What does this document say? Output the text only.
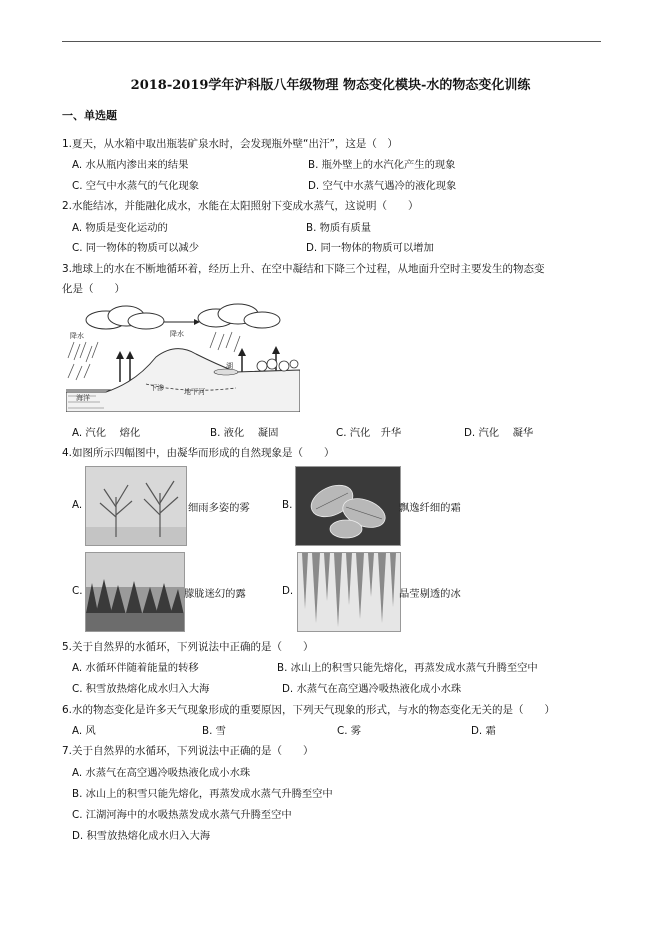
2018-2019学年沪科版八年级物理 物态变化模块-水的物态变化训练
一、单选题
1.夏天，从水箱中取出瓶装矿泉水时，会发现瓶外壁“出汗”，这是（　）
A. 水从瓶内渗出来的结果	B. 瓶外壁上的水汽化产生的现象
C. 空气中水蒸气的气化现象	D. 空气中水蒸气遇冷的液化现象
2.水能结冰，并能融化成水，水能在太阳照射下变成水蒸气，这说明（　　）
A. 物质是变化运动的	B. 物质有质量
C. 同一物体的物质可以减少	D. 同一物体的物质可以增加
3.地球上的水在不断地循环着，经历上升、在空中凝结和下降三个过程，从地面升空时主要发生的物态变
化是（　　）
降水	降水
湖
海洋
下渗	地下河
A. 汽化　 熔化	B. 液化　 凝固	C. 汽化　升华	D. 汽化　 凝华
4.如图所示四幅图中，由凝华而形成的自然现象是（　　）
A.	细雨多姿的雾	B.	飘逸纤细的霜
C.	朦胧迷幻的露	D.	晶莹剔透的冰
5.关于自然界的水循环，下列说法中正确的是（　　）
A. 水循环伴随着能量的转移	B. 冰山上的积雪只能先熔化，再蒸发成水蒸气升腾至空中
C. 积雪放热熔化成水归入大海	D. 水蒸气在高空遇冷吸热液化成小水珠
6.水的物态变化是许多天气现象形成的重要原因，下列天气现象的形式，与水的物态变化无关的是（　　）
A. 风	B. 雪	C. 雾	D. 霜
7.关于自然界的水循环，下列说法中正确的是（　　）
A. 水蒸气在高空遇冷吸热液化成小水珠
B. 冰山上的积雪只能先熔化，再蒸发成水蒸气升腾至空中
C. 江湖河海中的水吸热蒸发成水蒸气升腾至空中
D. 积雪放热熔化成水归入大海
